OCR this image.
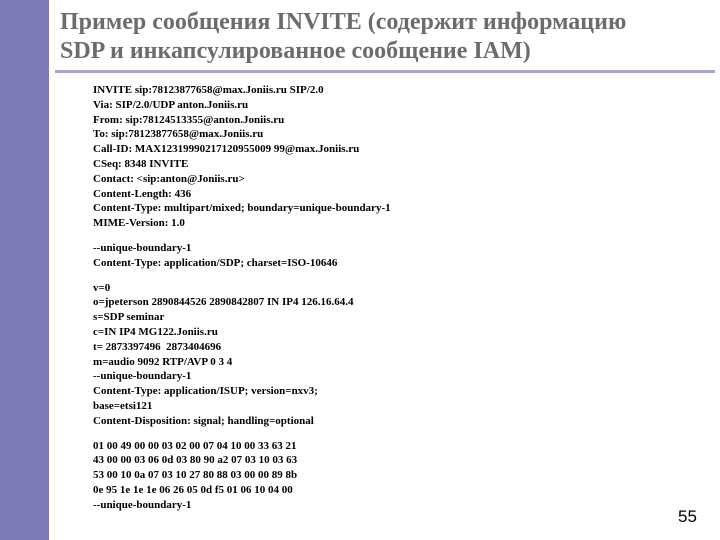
Пример сообщения INVITE (содержит информацию
SDP и инкапсулированное сообщение IAM)
INVITE sip:78123877658@max.Joniis.ru SIP/2.0
Via: SIP/2.0/UDP anton.Joniis.ru
From: sip:78124513355@anton.Joniis.ru
To: sip:78123877658@max.Joniis.ru
Call-ID: MAX12319990217120955009 99@max.Joniis.ru
CSeq: 8348 INVITE
Contact: <sip:anton@Joniis.ru>
Content-Length: 436
Content-Type: multipart/mixed; boundary=unique-boundary-1
MIME-Version: 1.0
--unique-boundary-1
Content-Type: application/SDP; charset=ISO-10646
v=0
o=jpeterson 2890844526 2890842807 IN IP4 126.16.64.4
s=SDP seminar
c=IN IP4 MG122.Joniis.ru
t= 2873397496  2873404696
m=audio 9092 RTP/AVP 0 3 4
--unique-boundary-1
Content-Type: application/ISUP; version=nxv3;
base=etsi121
Content-Disposition: signal; handling=optional
01 00 49 00 00 03 02 00 07 04 10 00 33 63 21
43 00 00 03 06 0d 03 80 90 a2 07 03 10 03 63
53 00 10 0a 07 03 10 27 80 88 03 00 00 89 8b
0e 95 1e 1e 1e 06 26 05 0d f5 01 06 10 04 00
--unique-boundary-1
55
